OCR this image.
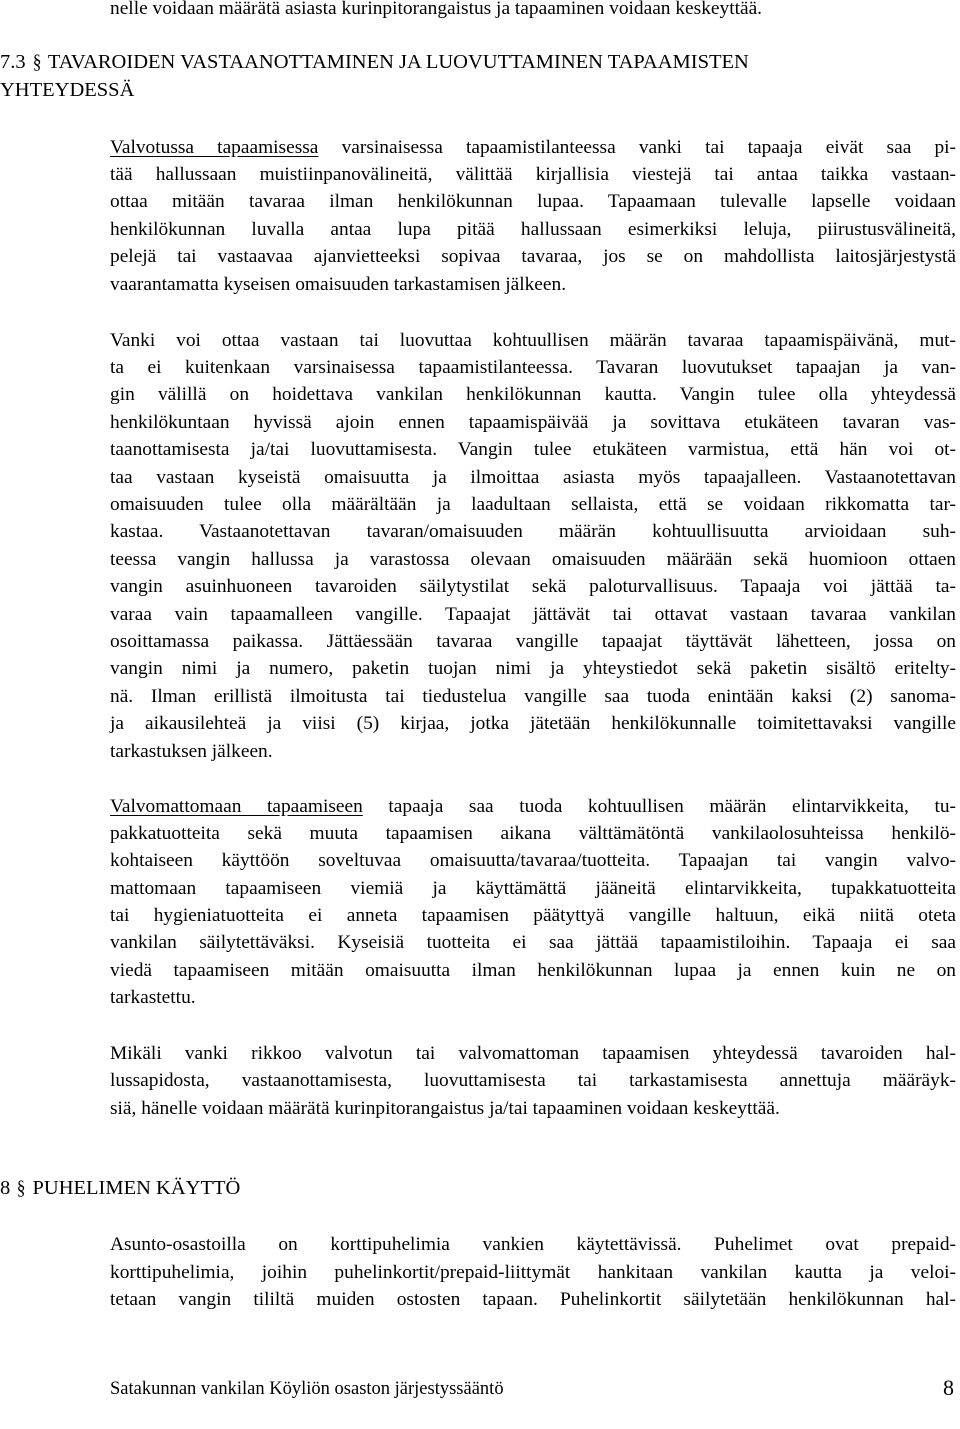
nelle voidaan määrätä asiasta kurinpitorangaistus ja tapaaminen voidaan keskeyttää.
7.3 § TAVAROIDEN VASTAANOTTAMINEN JA LUOVUTTAMINEN TAPAAMISTEN
YHTEYDESSÄ
Valvotussa tapaamisessa varsinaisessa tapaamistilanteessa vanki tai tapaaja eivät saa pi-
tää hallussaan muistiinpanovälineitä, välittää kirjallisia viestejä tai antaa taikka vastaan-
ottaa mitään tavaraa ilman henkilökunnan lupaa. Tapaamaan tulevalle lapselle voidaan
henkilökunnan luvalla antaa lupa pitää hallussaan esimerkiksi leluja, piirustusvälineitä,
pelejä tai vastaavaa ajanvietteeksi sopivaa tavaraa, jos se on mahdollista laitosjärjestystä
vaarantamatta kyseisen omaisuuden tarkastamisen jälkeen.
Vanki voi ottaa vastaan tai luovuttaa kohtuullisen määrän tavaraa tapaamispäivänä, mut-
ta ei kuitenkaan varsinaisessa tapaamistilanteessa. Tavaran luovutukset tapaajan ja van-
gin välillä on hoidettava vankilan henkilökunnan kautta. Vangin tulee olla yhteydessä
henkilökuntaan hyvissä ajoin ennen tapaamispäivää ja sovittava etukäteen tavaran vas-
taanottamisesta ja/tai luovuttamisesta. Vangin tulee etukäteen varmistua, että hän voi ot-
taa vastaan kyseistä omaisuutta ja ilmoittaa asiasta myös tapaajalleen. Vastaanotettavan
omaisuuden tulee olla määrältään ja laadultaan sellaista, että se voidaan rikkomatta tar-
kastaa. Vastaanotettavan tavaran/omaisuuden määrän kohtuullisuutta arvioidaan suh-
teessa vangin hallussa ja varastossa olevaan omaisuuden määrään sekä huomioon ottaen
vangin asuinhuoneen tavaroiden säilytystilat sekä paloturvallisuus. Tapaaja voi jättää ta-
varaa vain tapaamalleen vangille. Tapaajat jättävät tai ottavat vastaan tavaraa vankilan
osoittamassa paikassa. Jättäessään tavaraa vangille tapaajat täyttävät lähetteen, jossa on
vangin nimi ja numero, paketin tuojan nimi ja yhteystiedot sekä paketin sisältö eritelty-
nä. Ilman erillistä ilmoitusta tai tiedustelua vangille saa tuoda enintään kaksi (2) sanoma-
ja aikausilehteä ja viisi (5) kirjaa, jotka jätetään henkilökunnalle toimitettavaksi vangille
tarkastuksen jälkeen.
Valvomattomaan tapaamiseen tapaaja saa tuoda kohtuullisen määrän elintarvikkeita, tu-
pakkatuotteita sekä muuta tapaamisen aikana välttämätöntä vankilaolosuhteissa henkilö-
kohtaiseen käyttöön soveltuvaa omaisuutta/tavaraa/tuotteita. Tapaajan tai vangin valvo-
mattomaan tapaamiseen viemiä ja käyttämättä jääneitä elintarvikkeita, tupakkatuotteita
tai hygieniatuotteita ei anneta tapaamisen päätyttyä vangille haltuun, eikä niitä oteta
vankilan säilytettäväksi. Kyseisiä tuotteita ei saa jättää tapaamistiloihin. Tapaaja ei saa
viedä tapaamiseen mitään omaisuutta ilman henkilökunnan lupaa ja ennen kuin ne on
tarkastettu.
Mikäli vanki rikkoo valvotun tai valvomattoman tapaamisen yhteydessä tavaroiden hal-
lussapidosta, vastaanottamisesta, luovuttamisesta tai tarkastamisesta annettuja määräyk-
siä, hänelle voidaan määrätä kurinpitorangaistus ja/tai tapaaminen voidaan keskeyttää.
8 § PUHELIMEN KÄYTTÖ
Asunto-osastoilla on korttipuhelimia vankien käytettävissä. Puhelimet ovat prepaid-
korttipuhelimia, joihin puhelinkortit/prepaid-liittymät hankitaan vankilan kautta ja veloi-
tetaan vangin tililtä muiden ostosten tapaan. Puhelinkortit säilytetään henkilökunnan hal-
Satakunnan vankilan Köyliön osaston järjestyssääntö	8
